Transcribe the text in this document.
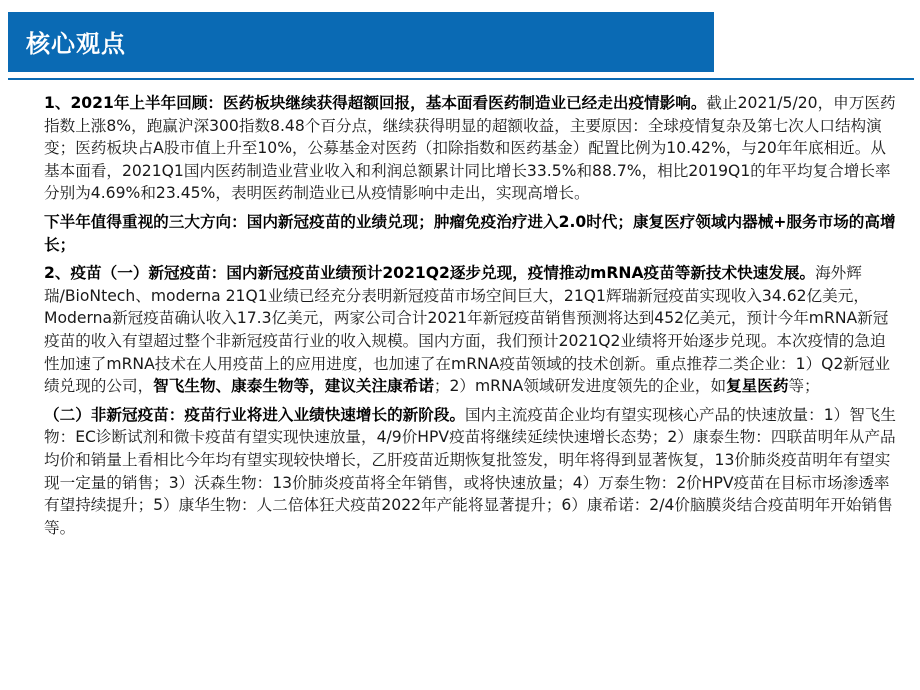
核心观点

1、2021年上半年回顾：医药板块继续获得超额回报，基本面看医药制造业已经走出疫情影响。截止2021/5/20，申万医药指数上涨8%，跑赢沪深300指数8.48个百分点，继续获得明显的超额收益，主要原因：全球疫情复杂及第七次人口结构演变；医药板块占A股市值上升至10%，公募基金对医药（扣除指数和医药基金）配置比例为10.42%，与20年年底相近。从基本面看，2021Q1国内医药制造业营业收入和利润总额累计同比增长33.5%和88.7%，相比2019Q1的年平均复合增长率分别为4.69%和23.45%，表明医药制造业已从疫情影响中走出，实现高增长。

下半年值得重视的三大方向：国内新冠疫苗的业绩兑现；肿瘤免疫治疗进入2.0时代；康复医疗领域内器械+服务市场的高增长；

2、疫苗（一）新冠疫苗：国内新冠疫苗业绩预计2021Q2逐步兑现，疫情推动mRNA疫苗等新技术快速发展。海外辉瑞/BioNtech、moderna 21Q1业绩已经充分表明新冠疫苗市场空间巨大，21Q1辉瑞新冠疫苗实现收入34.62亿美元，Moderna新冠疫苗确认收入17.3亿美元，两家公司合计2021年新冠疫苗销售预测将达到452亿美元，预计今年mRNA新冠疫苗的收入有望超过整个非新冠疫苗行业的收入规模。国内方面，我们预计2021Q2业绩将开始逐步兑现。本次疫情的急迫性加速了mRNA技术在人用疫苗上的应用进度，也加速了在mRNA疫苗领域的技术创新。重点推荐二类企业：1）Q2新冠业绩兑现的公司，智飞生物、康泰生物等，建议关注康希诺；2）mRNA领域研发进度领先的企业，如复星医药等；

（二）非新冠疫苗：疫苗行业将进入业绩快速增长的新阶段。国内主流疫苗企业均有望实现核心产品的快速放量：1）智飞生物：EC诊断试剂和微卡疫苗有望实现快速放量，4/9价HPV疫苗将继续延续快速增长态势；2）康泰生物：四联苗明年从产品均价和销量上看相比今年均有望实现较快增长，乙肝疫苗近期恢复批签发，明年将得到显著恢复，13价肺炎疫苗明年有望实现一定量的销售；3）沃森生物：13价肺炎疫苗将全年销售，或将快速放量；4）万泰生物：2价HPV疫苗在目标市场渗透率有望持续提升；5）康华生物：人二倍体狂犬疫苗2022年产能将显著提升；6）康希诺：2/4价脑膜炎结合疫苗明年开始销售等。
